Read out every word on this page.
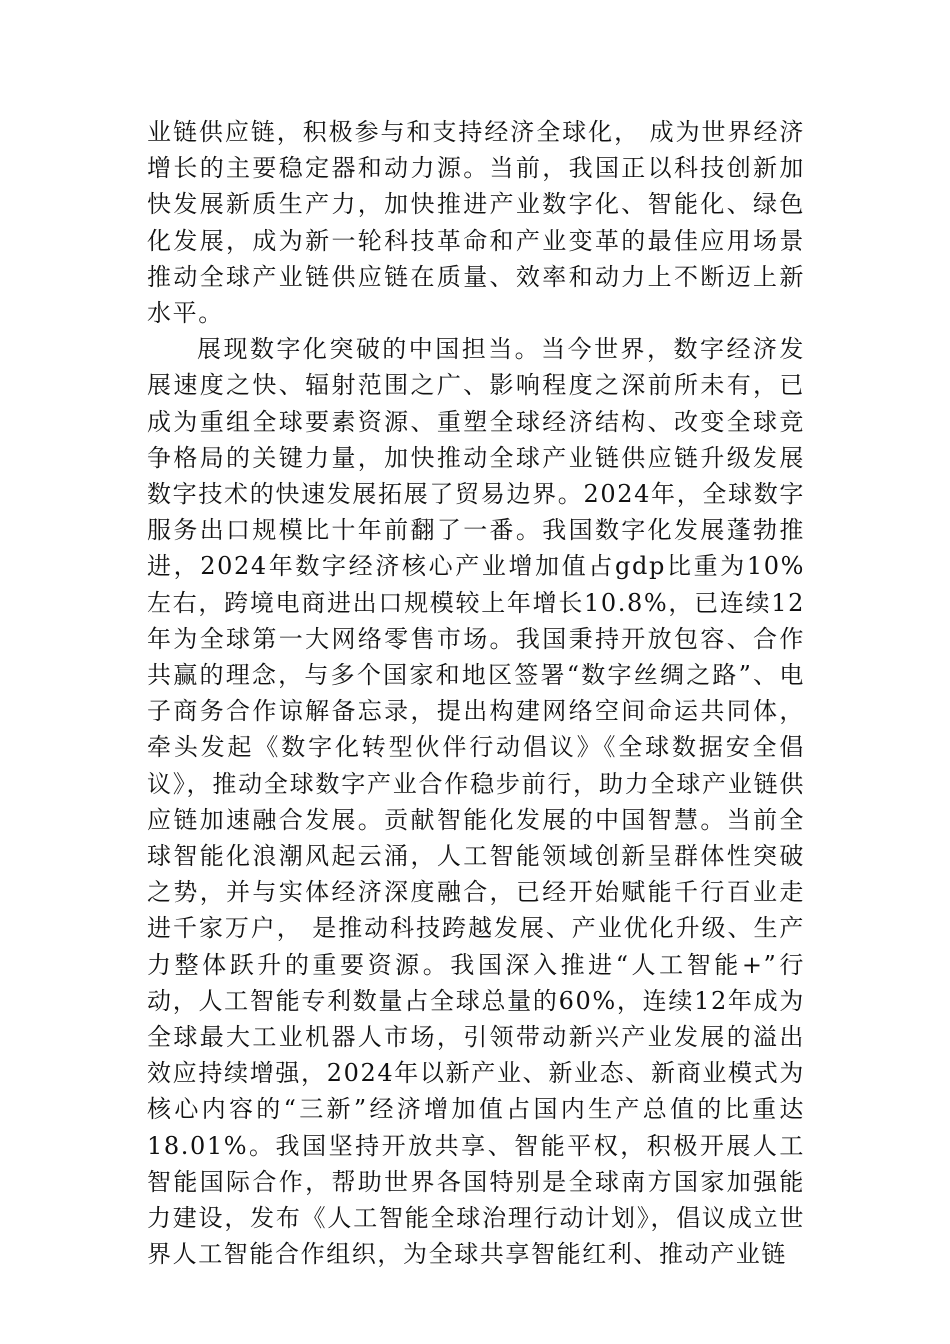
业链供应链，积极参与和支持经济全球化， 成为世界经济增长的主要稳定器和动力源。当前，我国正以科技创新加快发展新质生产力，加快推进产业数字化、智能化、绿色化发展，成为新一轮科技革命和产业变革的最佳应用场景推动全球产业链供应链在质量、效率和动力上不断迈上新水平。

展现数字化突破的中国担当。当今世界，数字经济发展速度之快、辐射范围之广、影响程度之深前所未有，已成为重组全球要素资源、重塑全球经济结构、改变全球竞争格局的关键力量，加快推动全球产业链供应链升级发展数字技术的快速发展拓展了贸易边界。2024年，全球数字服务出口规模比十年前翻了一番。我国数字化发展蓬勃推进，2024年数字经济核心产业增加值占gdp比重为10%左右，跨境电商进出口规模较上年增长10.8%，已连续12年为全球第一大网络零售市场。我国秉持开放包容、合作共赢的理念，与多个国家和地区签署“数字丝绸之路”、电子商务合作谅解备忘录，提出构建网络空间命运共同体，牵头发起《数字化转型伙伴行动倡议》《全球数据安全倡议》，推动全球数字产业合作稳步前行，助力全球产业链供应链加速融合发展。贡献智能化发展的中国智慧。当前全球智能化浪潮风起云涌，人工智能领域创新呈群体性突破之势，并与实体经济深度融合，已经开始赋能千行百业走进千家万户， 是推动科技跨越发展、产业优化升级、生产力整体跃升的重要资源。我国深入推进“人工智能+”行动，人工智能专利数量占全球总量的60%，连续12年成为全球最大工业机器人市场，引领带动新兴产业发展的溢出效应持续增强，2024年以新产业、新业态、新商业模式为核心内容的“三新”经济增加值占国内生产总值的比重达18.01%。我国坚持开放共享、智能平权，积极开展人工智能国际合作，帮助世界各国特别是全球南方国家加强能力建设，发布《人工智能全球治理行动计划》，倡议成立世界人工智能合作组织，为全球共享智能红利、推动产业链
